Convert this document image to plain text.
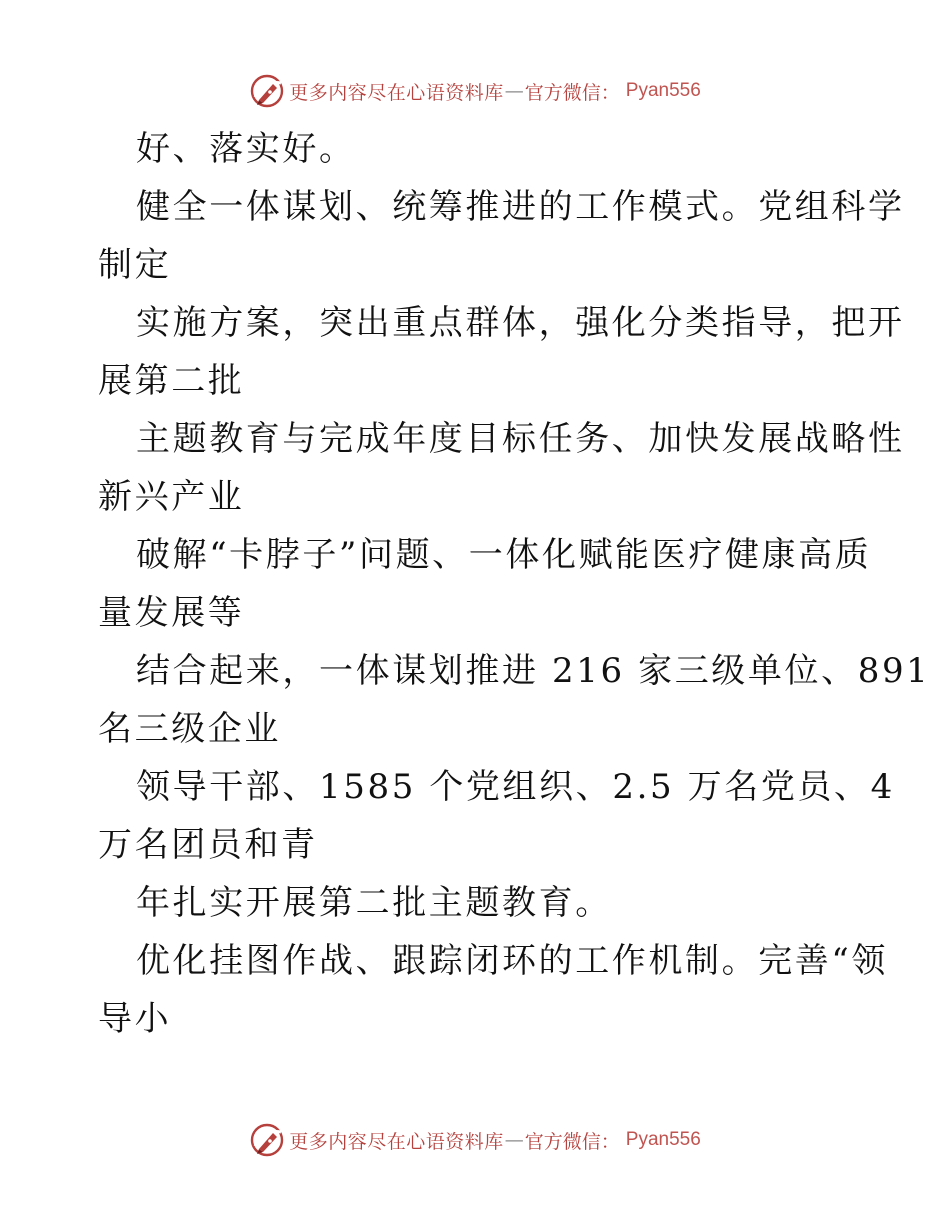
更多内容尽在心语资料库 — 官方微信 ： Pyan556
好、落实好。
健全一体谋划、统筹推进的工作模式。党组科学
制定
实施方案，突出重点群体，强化分类指导，把开
展第二批
主题教育与完成年度目标任务、加快发展战略性
新兴产业
破解“卡脖子”问题、一体化赋能医疗健康高质
量发展等
结合起来，一体谋划推进 216 家三级单位、891
名三级企业
领导干部、1585 个党组织、2.5 万名党员、4
万名团员和青
年扎实开展第二批主题教育。
优化挂图作战、跟踪闭环的工作机制。完善“领
导小
更多内容尽在心语资料库 — 官方微信 ： Pyan556
